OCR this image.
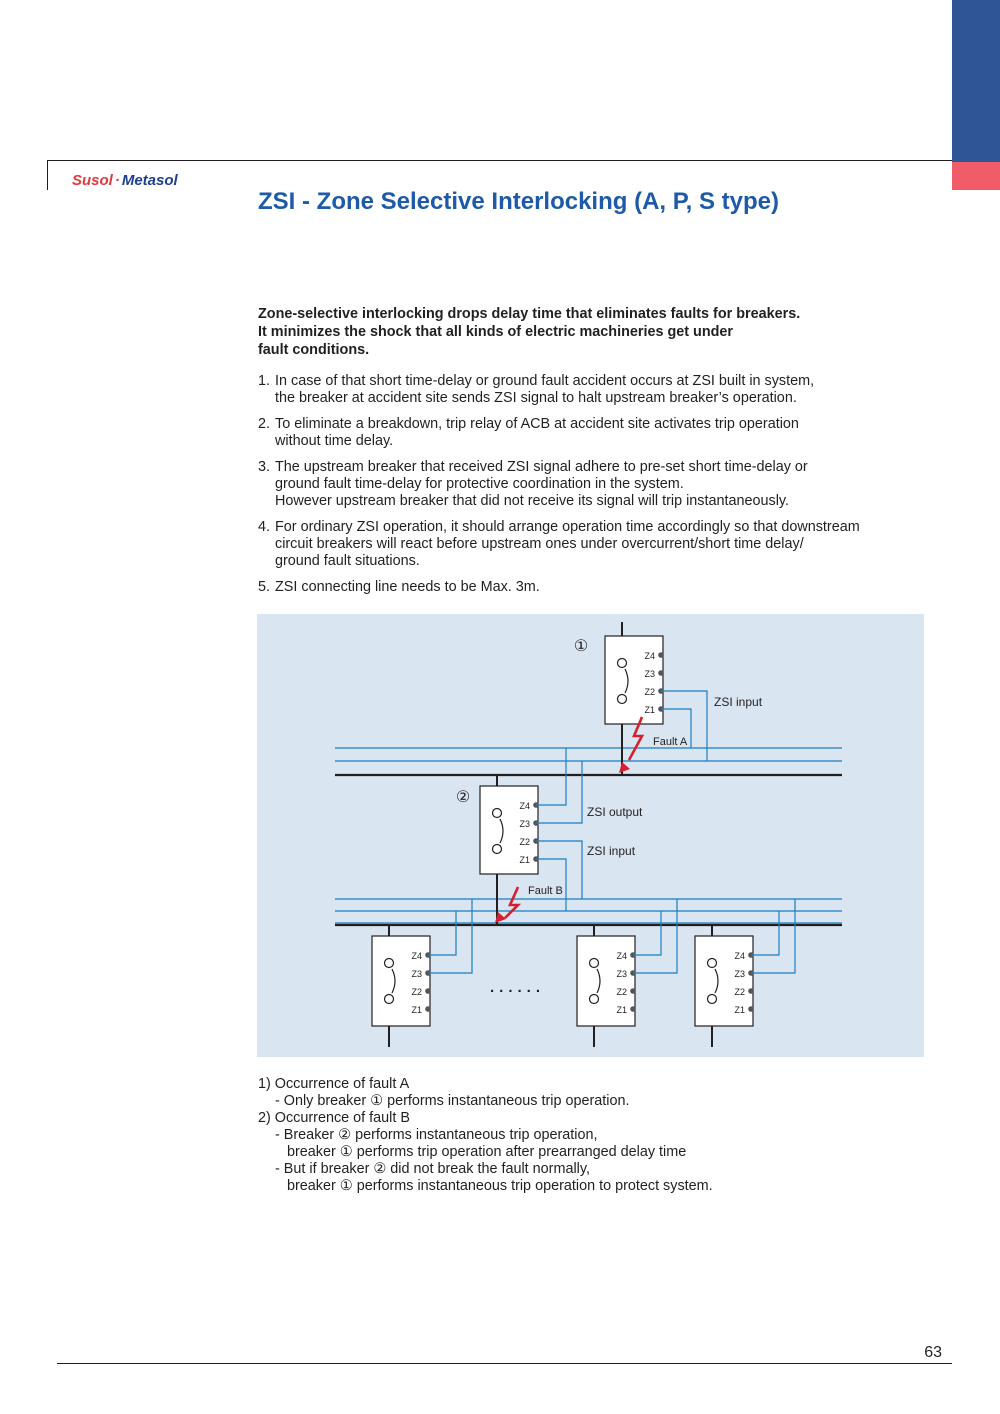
Susol · Metasol
ZSI - Zone Selective Interlocking (A, P, S type)
Zone-selective interlocking drops delay time that eliminates faults for breakers.
It minimizes the shock that all kinds of electric machineries get under
fault conditions.
1. In case of that short time-delay or ground fault accident occurs at ZSI built in system,
the breaker at accident site sends ZSI signal to halt upstream breaker’s operation.
2. To eliminate a breakdown, trip relay of ACB at accident site activates trip operation
without time delay.
3. The upstream breaker that received ZSI signal adhere to pre-set short time-delay or
ground fault time-delay for protective coordination in the system.
However upstream breaker that did not receive its signal will trip instantaneously.
4. For ordinary ZSI operation, it should arrange operation time accordingly so that downstream
circuit breakers will react before upstream ones under overcurrent/short time delay/
ground fault situations.
5. ZSI connecting line needs to be Max. 3m.
Z4
Z3
Z2
Z1
①
ZSI input
Fault A
Z4
Z3
Z2
Z1
②
ZSI output
ZSI input
Fault B
Z4
Z3
Z2
Z1
Z4
Z3
Z2
Z1
Z4
Z3
Z2
Z1
· · · · · ·
1) Occurrence of fault A
- Only breaker ① performs instantaneous trip operation.
2) Occurrence of fault B
- Breaker ② performs instantaneous trip operation,
breaker ① performs trip operation after prearranged delay time
- But if breaker ② did not break the fault normally,
breaker ① performs instantaneous trip operation to protect system.
63
